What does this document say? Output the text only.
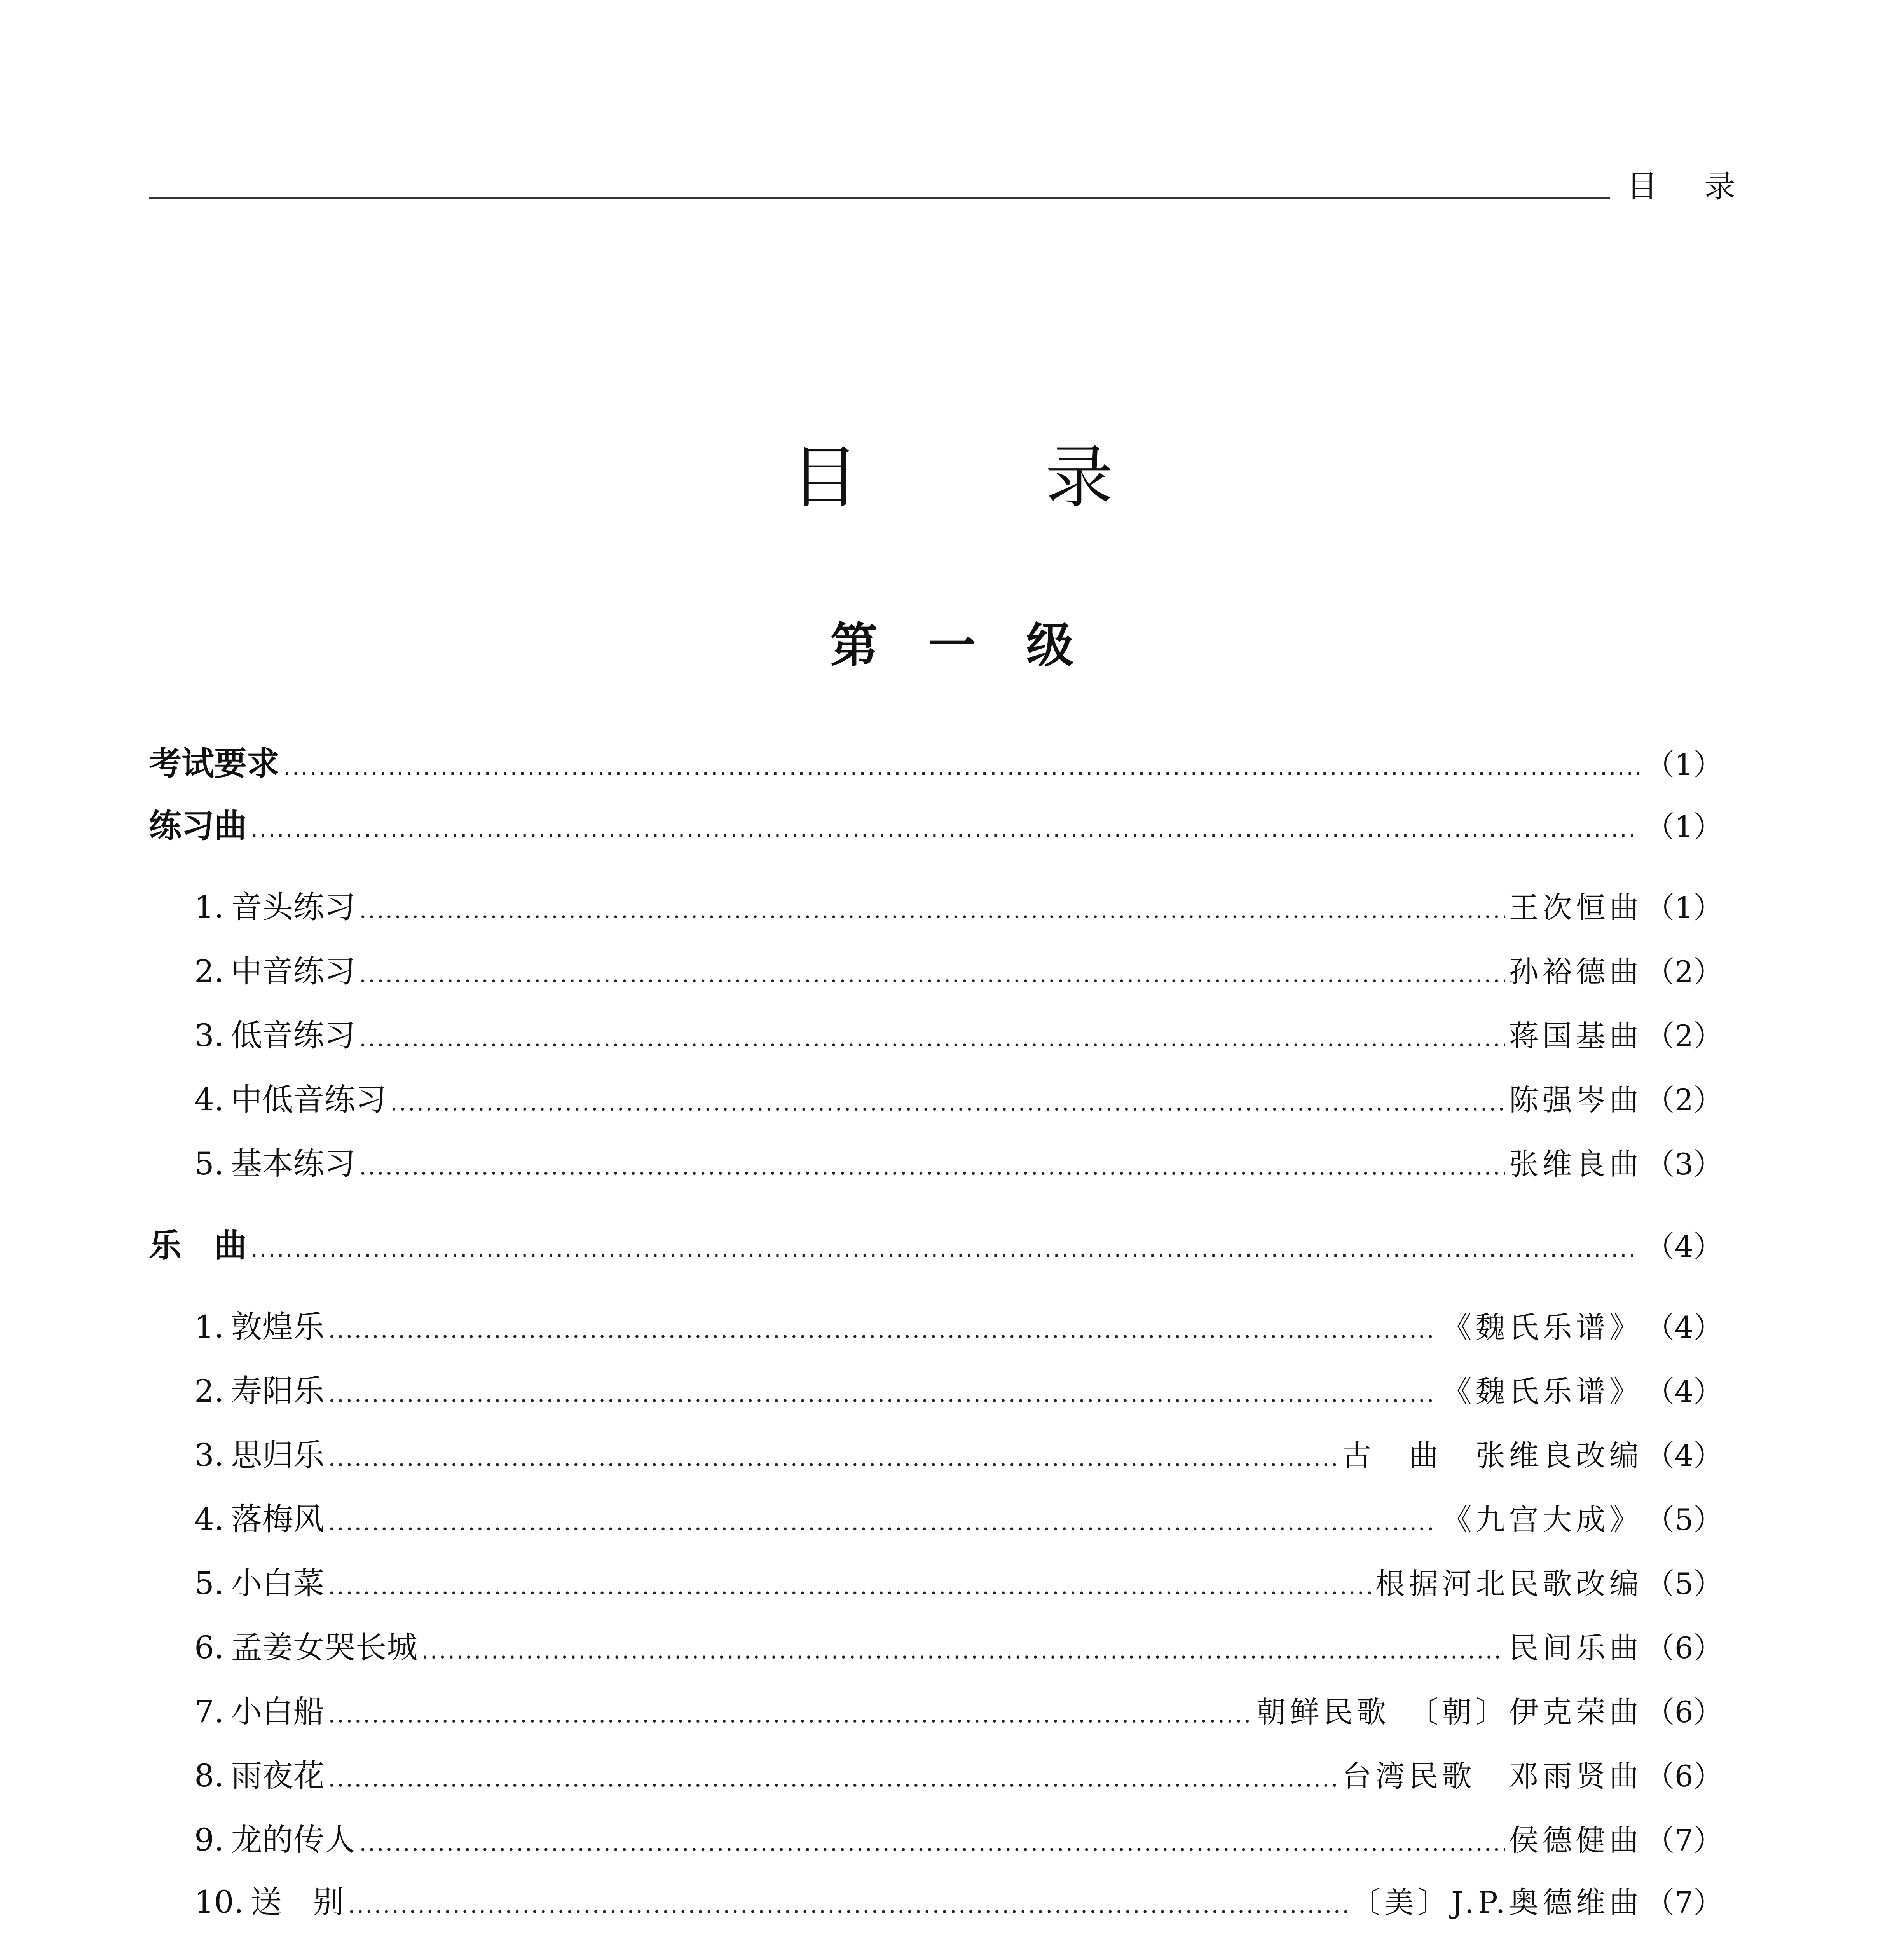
目录
目录
第一级
考试要求 .....	（1）
练习曲 .....	（1）
1. 音头练习 .....	王次恒曲 （1）
2. 中音练习 .....	孙裕德曲 （2）
3. 低音练习 .....	蒋国基曲 （2）
4. 中低音练习 .....	陈强岑曲 （2）
5. 基本练习 .....	张维良曲 （3）
乐　曲 .....	（4）
1. 敦煌乐 .....	《魏氏乐谱》 （4）
2. 寿阳乐 .....	《魏氏乐谱》 （4）
3. 思归乐 .....	古　曲　张维良改编 （4）
4. 落梅风 .....	《九宫大成》 （5）
5. 小白菜 .....	根据河北民歌改编 （5）
6. 孟姜女哭长城 .....	民间乐曲 （6）
7. 小白船 .....	朝鲜民歌　〔朝〕伊克荣曲 （6）
8. 雨夜花 .....	台湾民歌　邓雨贤曲 （6）
9. 龙的传人 .....	侯德健曲 （7）
10. 送　别 .....	〔美〕J.P.奥德维曲 （7）
